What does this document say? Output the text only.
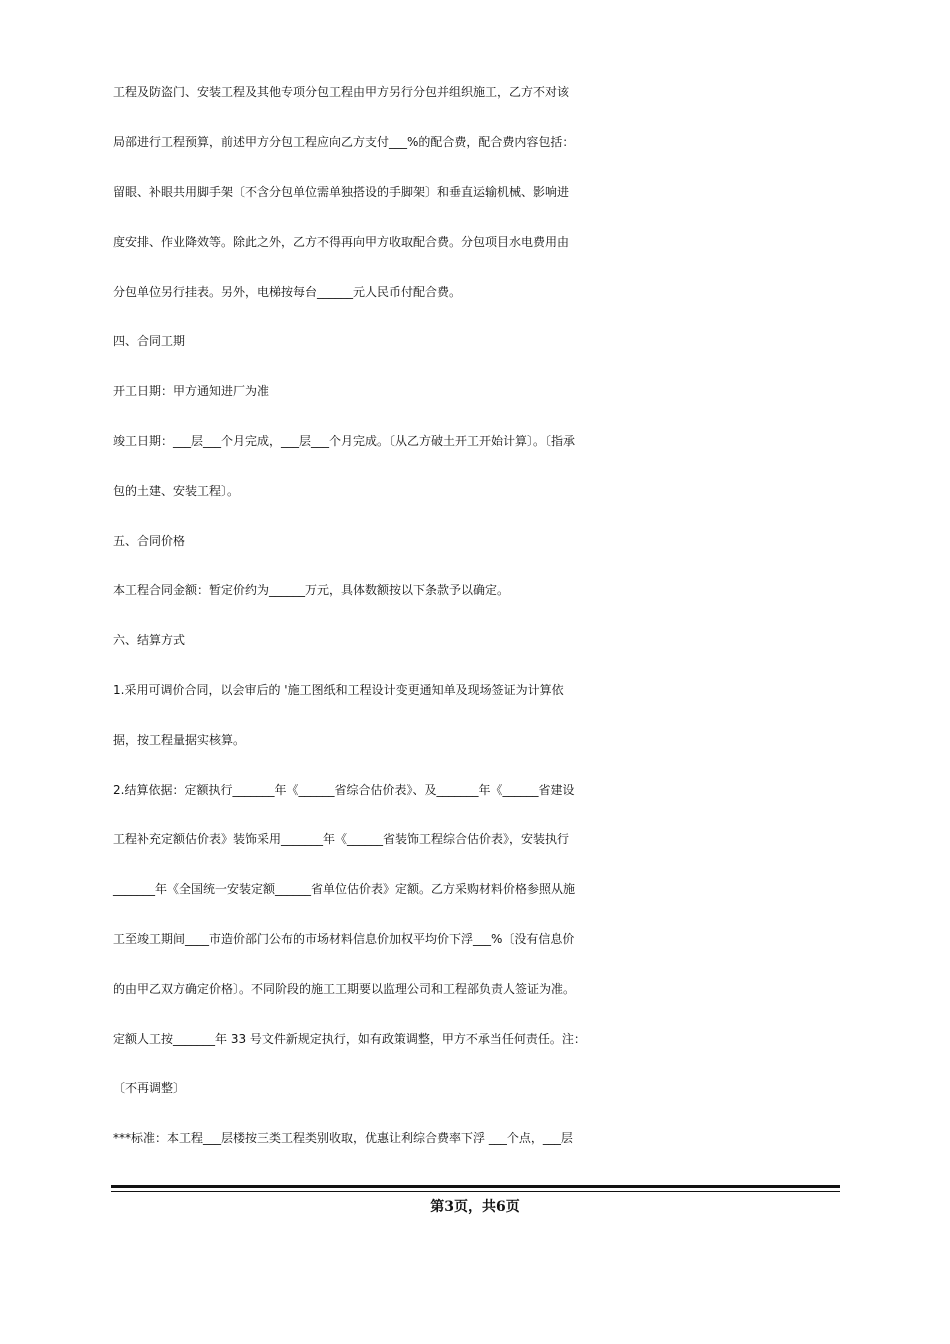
工程及防盗门、安装工程及其他专项分包工程由甲方另行分包并组织施工，乙方不对该
局部进行工程预算，前述甲方分包工程应向乙方支付___%的配合费，配合费内容包括：
留眼、补眼共用脚手架〔不含分包单位需单独搭设的手脚架〕和垂直运输机械、影响进
度安排、作业降效等。除此之外，乙方不得再向甲方收取配合费。分包项目水电费用由
分包单位另行挂表。另外，电梯按每台______元人民币付配合费。
四、合同工期
开工日期：甲方通知进厂为准
竣工日期：___层___个月完成，___层___个月完成。〔从乙方破土开工开始计算〕。〔指承
包的土建、安装工程〕。
五、合同价格
本工程合同金额：暂定价约为______万元，具体数额按以下条款予以确定。
六、结算方式
1.采用可调价合同，以会审后的 '施工图纸和工程设计变更通知单及现场签证为计算依
据，按工程量据实核算。
2.结算依据：定额执行_______年《______省综合估价表》、及_______年《______省建设
工程补充定额估价表》装饰采用_______年《______省装饰工程综合估价表》，安装执行
_______年《全国统一安装定额______省单位估价表》定额。乙方采购材料价格参照从施
工至竣工期间____市造价部门公布的市场材料信息价加权平均价下浮___%〔没有信息价
的由甲乙双方确定价格〕。不同阶段的施工工期要以监理公司和工程部负责人签证为准。
定额人工按_______年 33 号文件新规定执行，如有政策调整，甲方不承当任何责任。注：
〔不再调整〕
***标准：本工程___层楼按三类工程类别收取，优惠让利综合费率下浮 ___个点，___层
第3页，共6页
